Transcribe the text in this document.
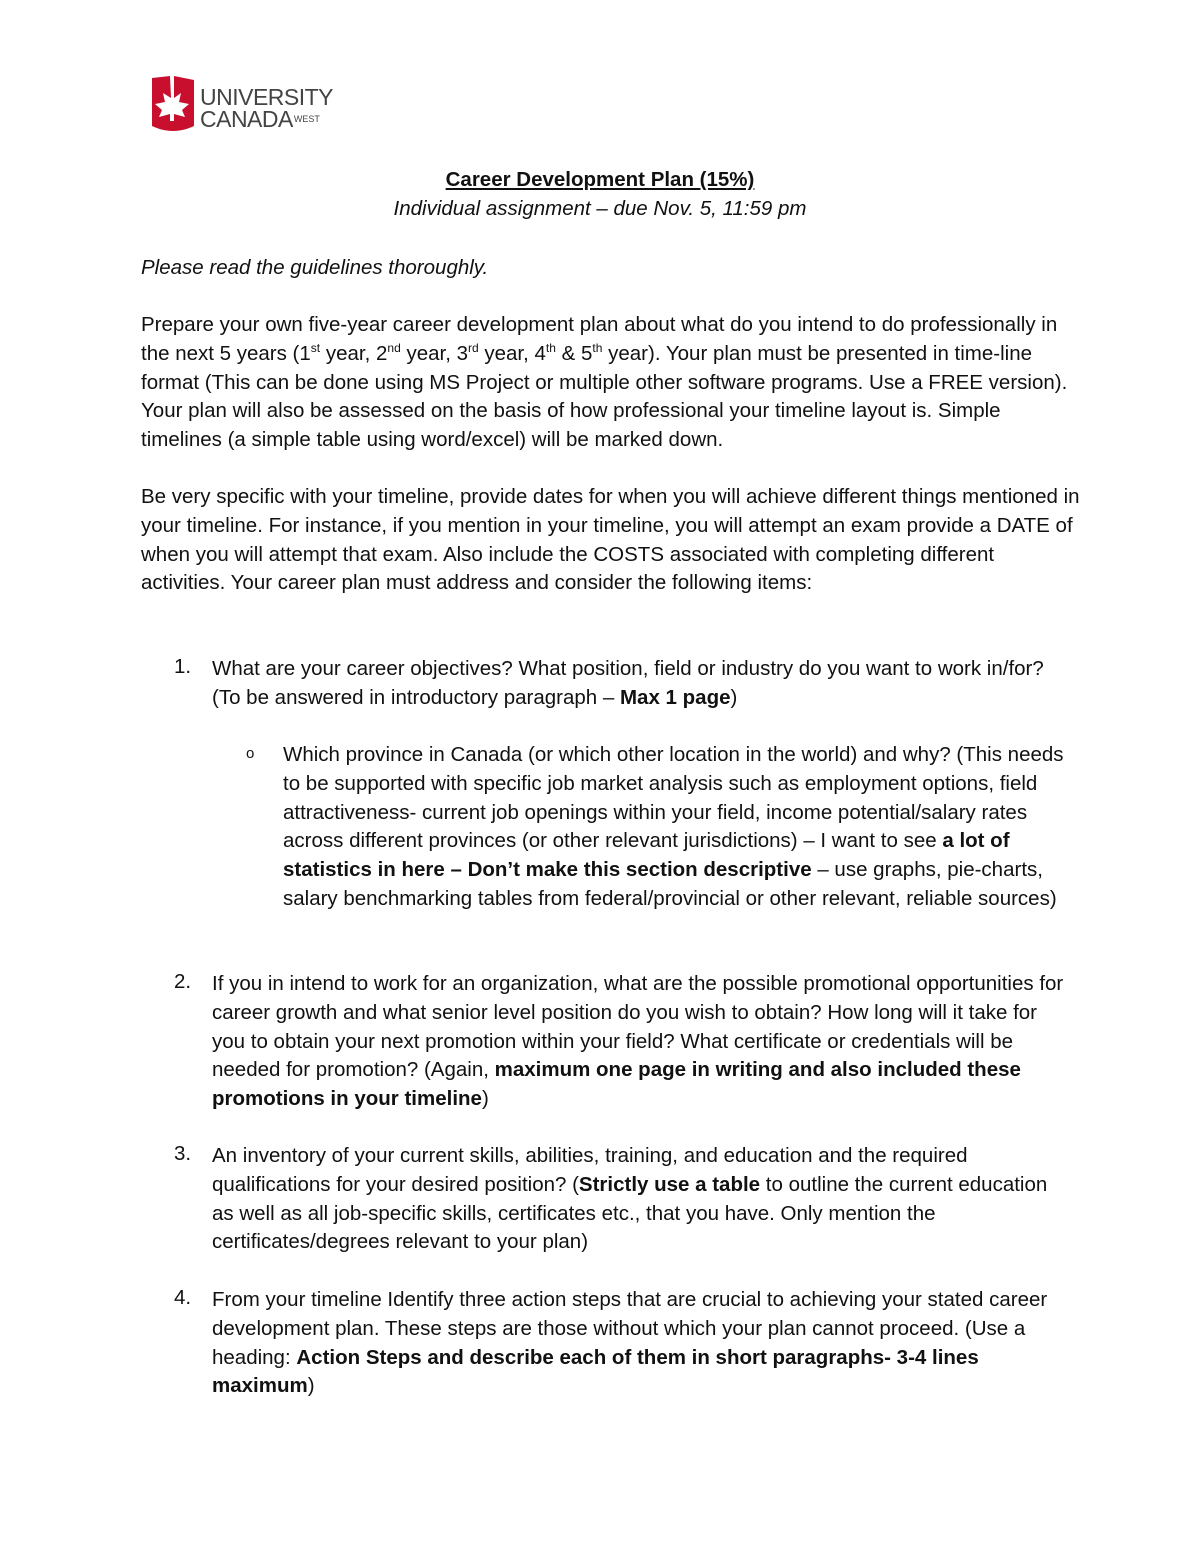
UNIVERSITY
$CANADA^{WEST}$
Career Development Plan (15%)
Individual assignment – due Nov. 5, 11:59 pm

Please read the guidelines thoroughly.

Prepare your own five-year career development plan about what do you intend to do professionally in the next 5 years (1st year, 2nd year, 3rd year, 4th & 5th year). Your plan must be presented in time-line format (This can be done using MS Project or multiple other software programs. Use a FREE version). Your plan will also be assessed on the basis of how professional your timeline layout is. Simple timelines (a simple table using word/excel) will be marked down.

Be very specific with your timeline, provide dates for when you will achieve different things mentioned in your timeline. For instance, if you mention in your timeline, you will attempt an exam provide a DATE of when you will attempt that exam. Also include the COSTS associated with completing different activities. Your career plan must address and consider the following items:

1.	What are your career objectives? What position, field or industry do you want to work in/for? (To be answered in introductory paragraph – Max 1 page)
o Which province in Canada (or which other location in the world) and why? (This needs to be supported with specific job market analysis such as employment options, field attractiveness- current job openings within your field, income potential/salary rates across different provinces (or other relevant jurisdictions) – I want to see a lot of statistics in here – Don’t make this section descriptive – use graphs, pie-charts, salary benchmarking tables from federal/provincial or other relevant, reliable sources)
2.	If you in intend to work for an organization, what are the possible promotional opportunities for career growth and what senior level position do you wish to obtain? How long will it take for you to obtain your next promotion within your field? What certificate or credentials will be needed for promotion? (Again, maximum one page in writing and also included these promotions in your timeline)
3.	An inventory of your current skills, abilities, training, and education and the required qualifications for your desired position? (Strictly use a table to outline the current education as well as all job-specific skills, certificates etc., that you have. Only mention the certificates/degrees relevant to your plan)
4.	From your timeline Identify three action steps that are crucial to achieving your stated career development plan. These steps are those without which your plan cannot proceed. (Use a heading: Action Steps and describe each of them in short paragraphs- 3-4 lines maximum)
